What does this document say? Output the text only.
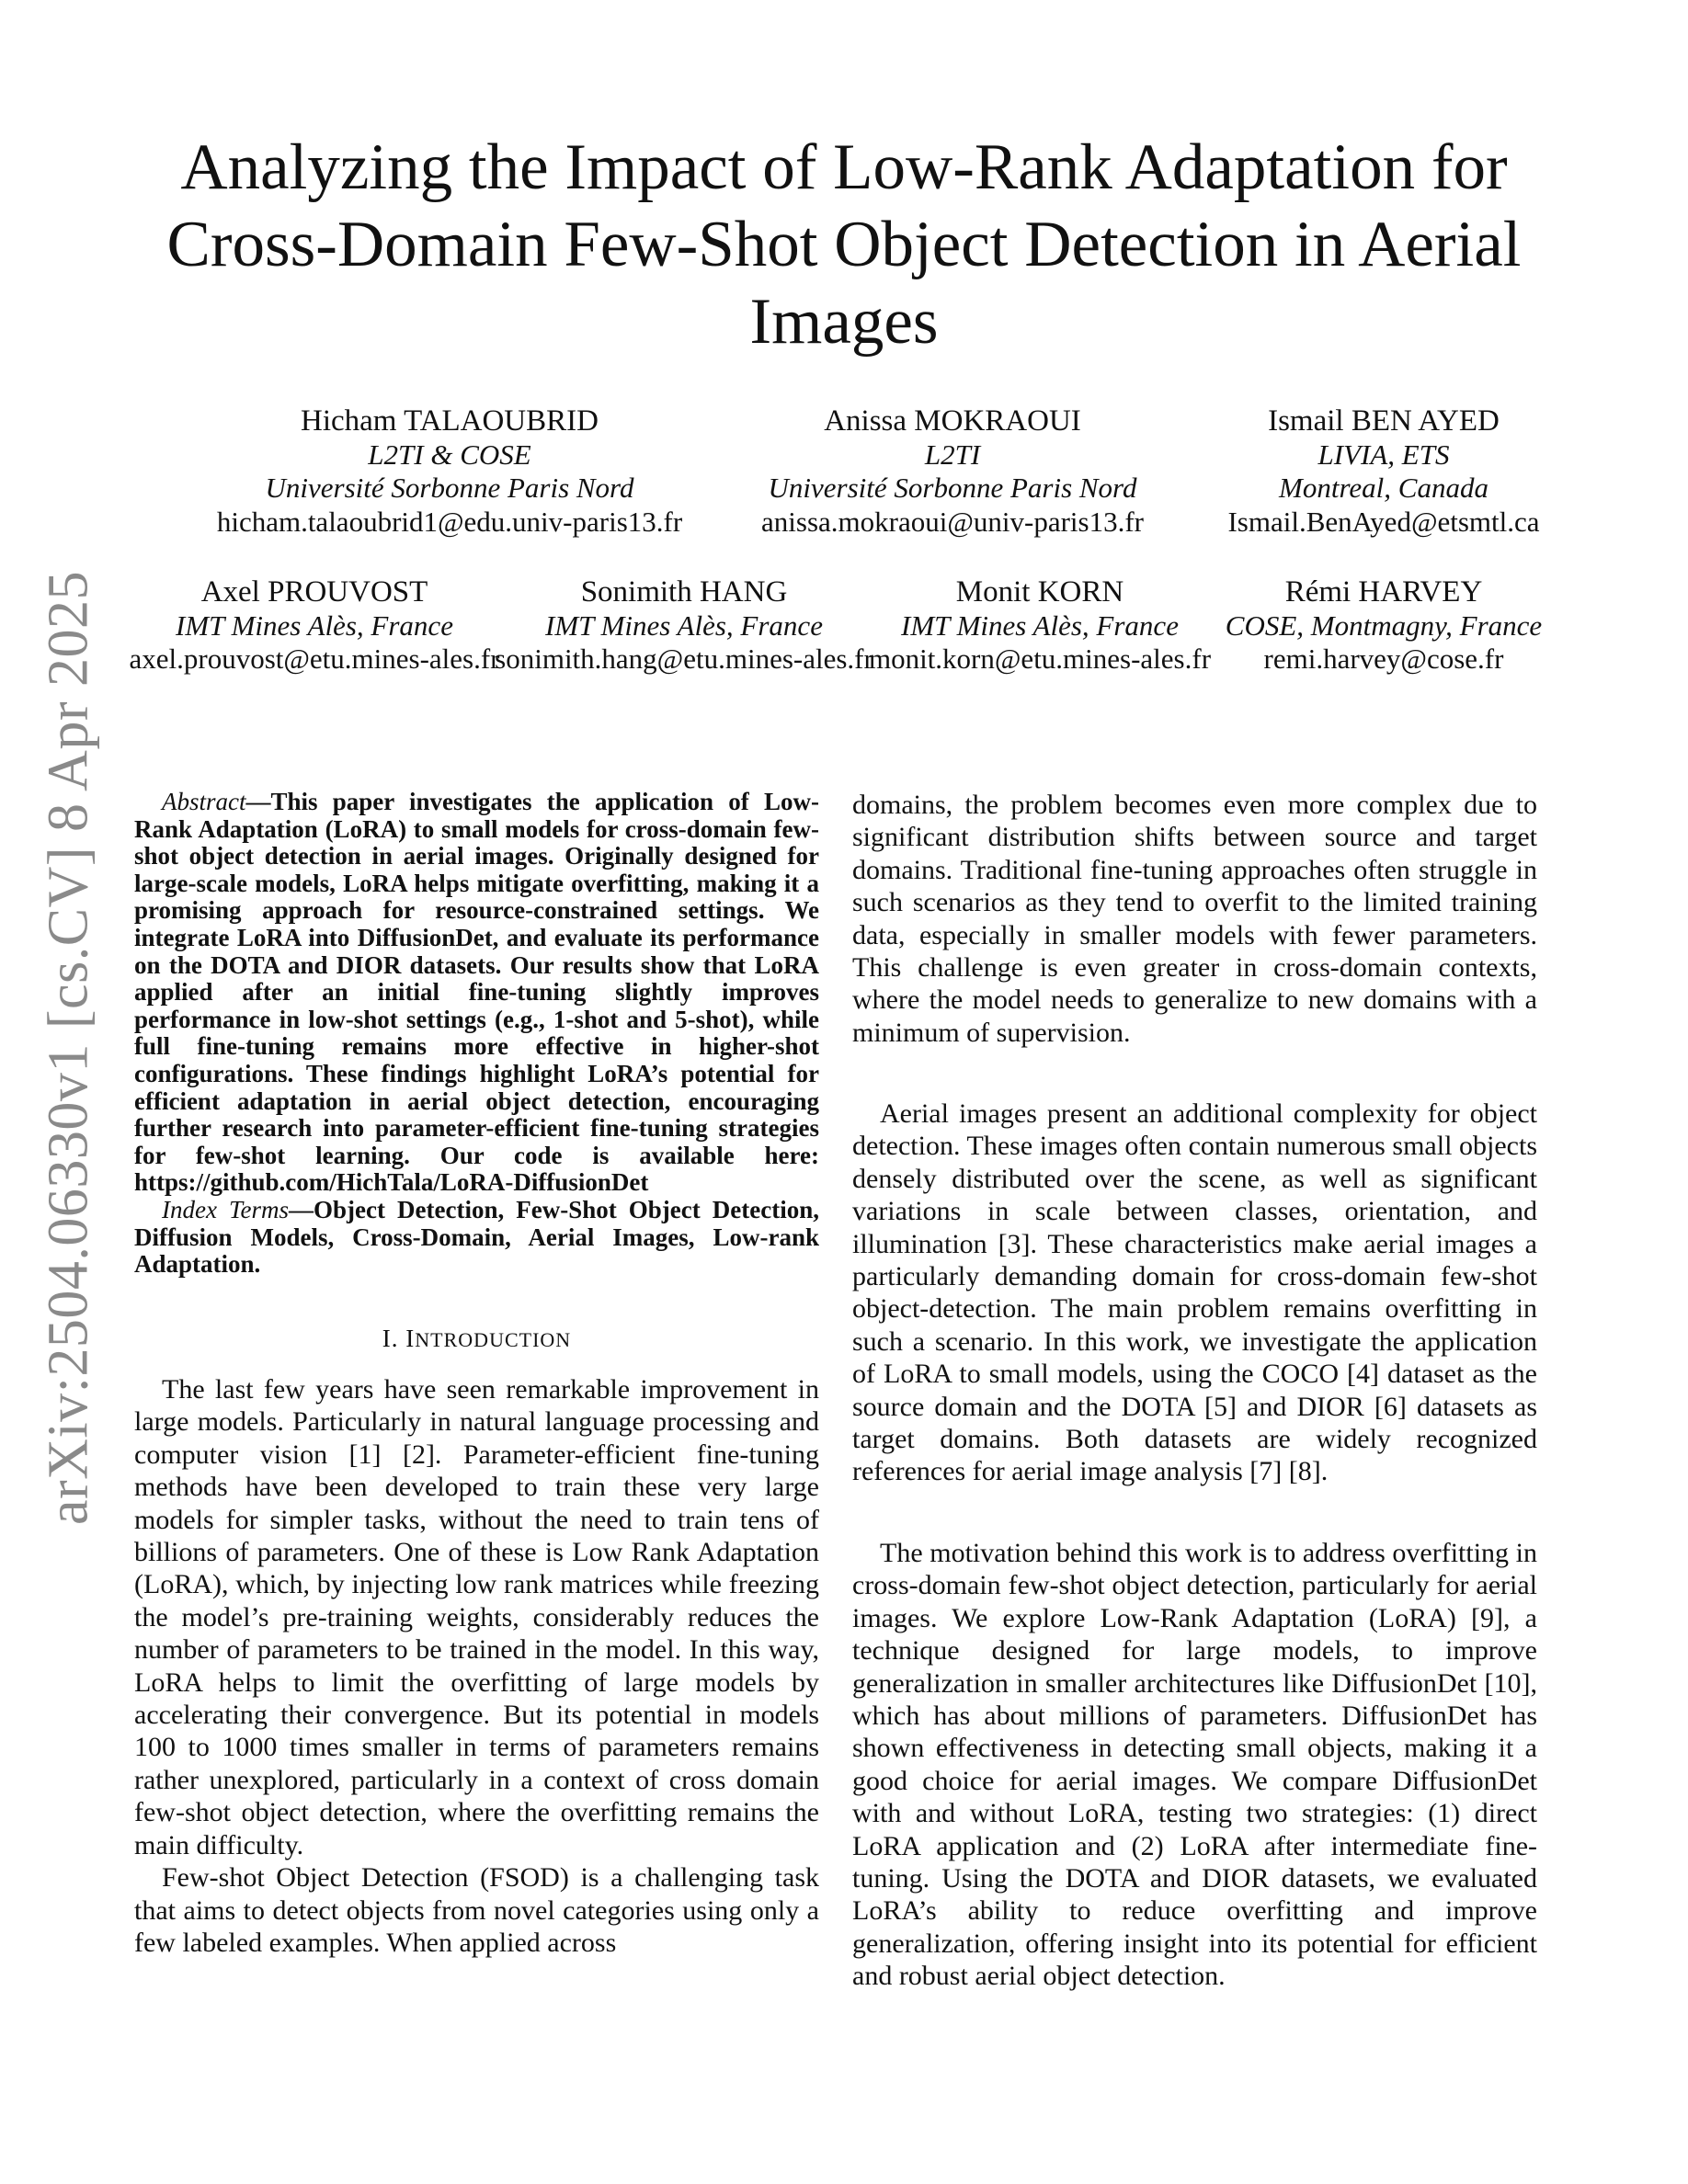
Analyzing the Impact of Low-Rank Adaptation for Cross-Domain Few-Shot Object Detection in Aerial Images
arXiv:2504.06330v1 [cs.CV] 8 Apr 2025
Hicham TALAOUBRID
L2TI & COSE
Université Sorbonne Paris Nord
hicham.talaoubrid1@edu.univ-paris13.fr
Anissa MOKRAOUI
L2TI
Université Sorbonne Paris Nord
anissa.mokraoui@univ-paris13.fr
Ismail BEN AYED
LIVIA, ETS
Montreal, Canada
Ismail.BenAyed@etsmtl.ca
Axel PROUVOST
IMT Mines Alès, France
axel.prouvost@etu.mines-ales.fr
Sonimith HANG
IMT Mines Alès, France
sonimith.hang@etu.mines-ales.fr
Monit KORN
IMT Mines Alès, France
monit.korn@etu.mines-ales.fr
Rémi HARVEY
COSE, Montmagny, France
remi.harvey@cose.fr

Abstract—This paper investigates the application of Low-Rank Adaptation (LoRA) to small models for cross-domain few-shot object detection in aerial images. Originally designed for large-scale models, LoRA helps mitigate overfitting, making it a promising approach for resource-constrained settings. We integrate LoRA into DiffusionDet, and evaluate its performance on the DOTA and DIOR datasets. Our results show that LoRA applied after an initial fine-tuning slightly improves performance in low-shot settings (e.g., 1-shot and 5-shot), while full fine-tuning remains more effective in higher-shot configurations. These findings highlight LoRA’s potential for efficient adaptation in aerial object detection, encouraging further research into parameter-efficient fine-tuning strategies for few-shot learning. Our code is available here: https://github.com/HichTala/LoRA-DiffusionDet

Index Terms—Object Detection, Few-Shot Object Detection, Diffusion Models, Cross-Domain, Aerial Images, Low-rank Adaptation.

I. INTRODUCTION

The last few years have seen remarkable improvement in large models. Particularly in natural language processing and computer vision [1] [2]. Parameter-efficient fine-tuning methods have been developed to train these very large models for simpler tasks, without the need to train tens of billions of parameters. One of these is Low Rank Adaptation (LoRA), which, by injecting low rank matrices while freezing the model’s pre-training weights, considerably reduces the number of parameters to be trained in the model. In this way, LoRA helps to limit the overfitting of large models by accelerating their convergence. But its potential in models 100 to 1000 times smaller in terms of parameters remains rather unexplored, particularly in a context of cross domain few-shot object detection, where the overfitting remains the main difficulty.

Few-shot Object Detection (FSOD) is a challenging task that aims to detect objects from novel categories using only a few labeled examples. When applied across

domains, the problem becomes even more complex due to significant distribution shifts between source and target domains. Traditional fine-tuning approaches often struggle in such scenarios as they tend to overfit to the limited training data, especially in smaller models with fewer parameters. This challenge is even greater in cross-domain contexts, where the model needs to generalize to new domains with a minimum of supervision.

Aerial images present an additional complexity for object detection. These images often contain numerous small objects densely distributed over the scene, as well as significant variations in scale between classes, orientation, and illumination [3]. These characteristics make aerial images a particularly demanding domain for cross-domain few-shot object-detection. The main problem remains overfitting in such a scenario. In this work, we investigate the application of LoRA to small models, using the COCO [4] dataset as the source domain and the DOTA [5] and DIOR [6] datasets as target domains. Both datasets are widely recognized references for aerial image analysis [7] [8].

The motivation behind this work is to address overfitting in cross-domain few-shot object detection, particularly for aerial images. We explore Low-Rank Adaptation (LoRA) [9], a technique designed for large models, to improve generalization in smaller architectures like DiffusionDet [10], which has about millions of parameters. DiffusionDet has shown effectiveness in detecting small objects, making it a good choice for aerial images. We compare DiffusionDet with and without LoRA, testing two strategies: (1) direct LoRA application and (2) LoRA after intermediate fine-tuning. Using the DOTA and DIOR datasets, we evaluated LoRA’s ability to reduce overfitting and improve generalization, offering insight into its potential for efficient and robust aerial object detection.
